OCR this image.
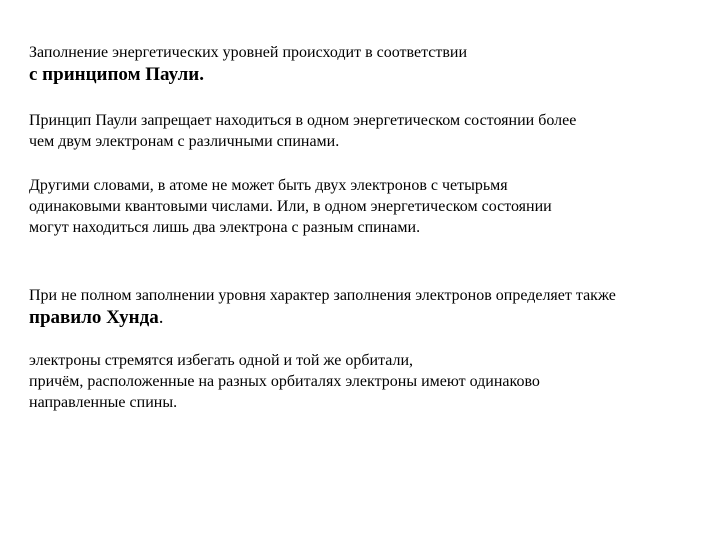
Заполнение энергетических уровней происходит в соответствии
с принципом Паули.
Принцип Паули запрещает находиться в одном энергетическом состоянии более
чем двум электронам с различными спинами.
Другими словами, в атоме не может быть двух электронов с четырьмя
одинаковыми квантовыми числами. Или, в одном энергетическом состоянии
могут находиться лишь два электрона с разным спинами.
При не полном заполнении уровня характер заполнения электронов определяет также
правило Хунда.
электроны стремятся избегать одной и той же орбитали,
причём, расположенные на разных орбиталях электроны имеют одинаково
направленные спины.
